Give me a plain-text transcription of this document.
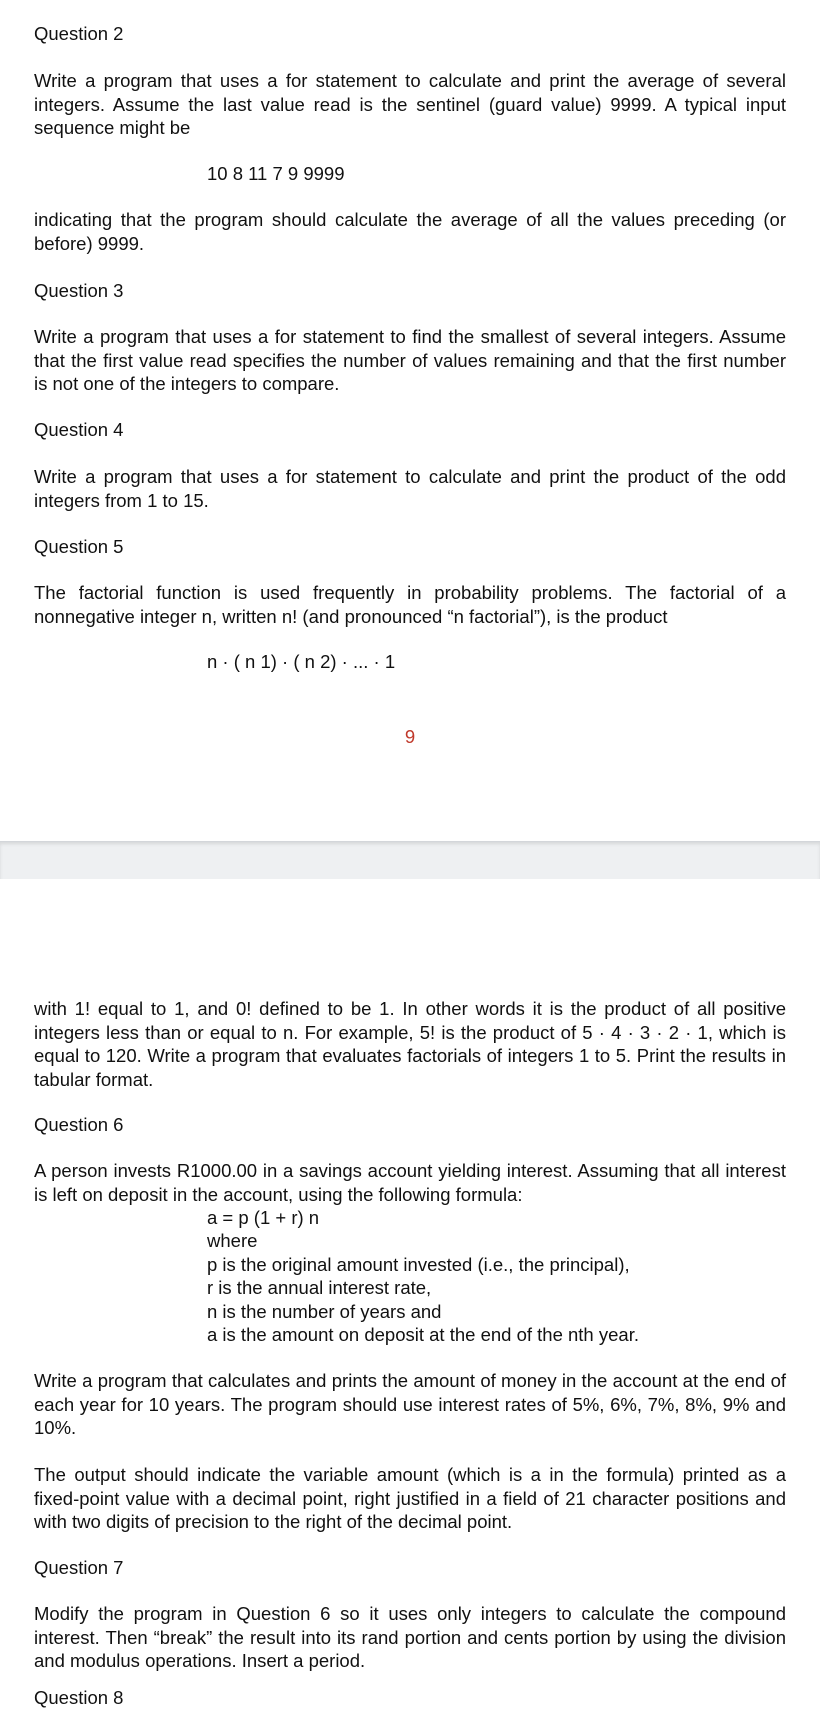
Question 2

Write a program that uses a for statement to calculate and print the average of several integers. Assume the last value read is the sentinel (guard value) 9999. A typical input sequence might be

10 8 11 7 9 9999

indicating that the program should calculate the average of all the values preceding (or before) 9999.

Question 3

Write a program that uses a for statement to find the smallest of several integers. Assume that the first value read specifies the number of values remaining and that the first number is not one of the integers to compare.

Question 4

Write a program that uses a for statement to calculate and print the product of the odd integers from 1 to 15.

Question 5

The factorial function is used frequently in probability problems. The factorial of a nonnegative integer n, written n! (and pronounced “n factorial”), is the product

n · ( n 1) · ( n 2) · ... · 1

9

with 1! equal to 1, and 0! defined to be 1. In other words it is the product of all positive integers less than or equal to n. For example, 5! is the product of 5 · 4 · 3 · 2 · 1, which is equal to 120. Write a program that evaluates factorials of integers 1 to 5. Print the results in tabular format.

Question 6

A person invests R1000.00 in a savings account yielding interest. Assuming that all interest is left on deposit in the account, using the following formula:

a = p (1 + r) n

where

p is the original amount invested (i.e., the principal),

r is the annual interest rate,

n is the number of years and

a is the amount on deposit at the end of the nth year.

Write a program that calculates and prints the amount of money in the account at the end of each year for 10 years. The program should use interest rates of 5%, 6%, 7%, 8%, 9% and 10%.

The output should indicate the variable amount (which is a in the formula) printed as a fixed-point value with a decimal point, right justified in a field of 21 character positions and with two digits of precision to the right of the decimal point.

Question 7

Modify the program in Question 6 so it uses only integers to calculate the compound interest. Then “break” the result into its rand portion and cents portion by using the division and modulus operations. Insert a period.

Question 8
